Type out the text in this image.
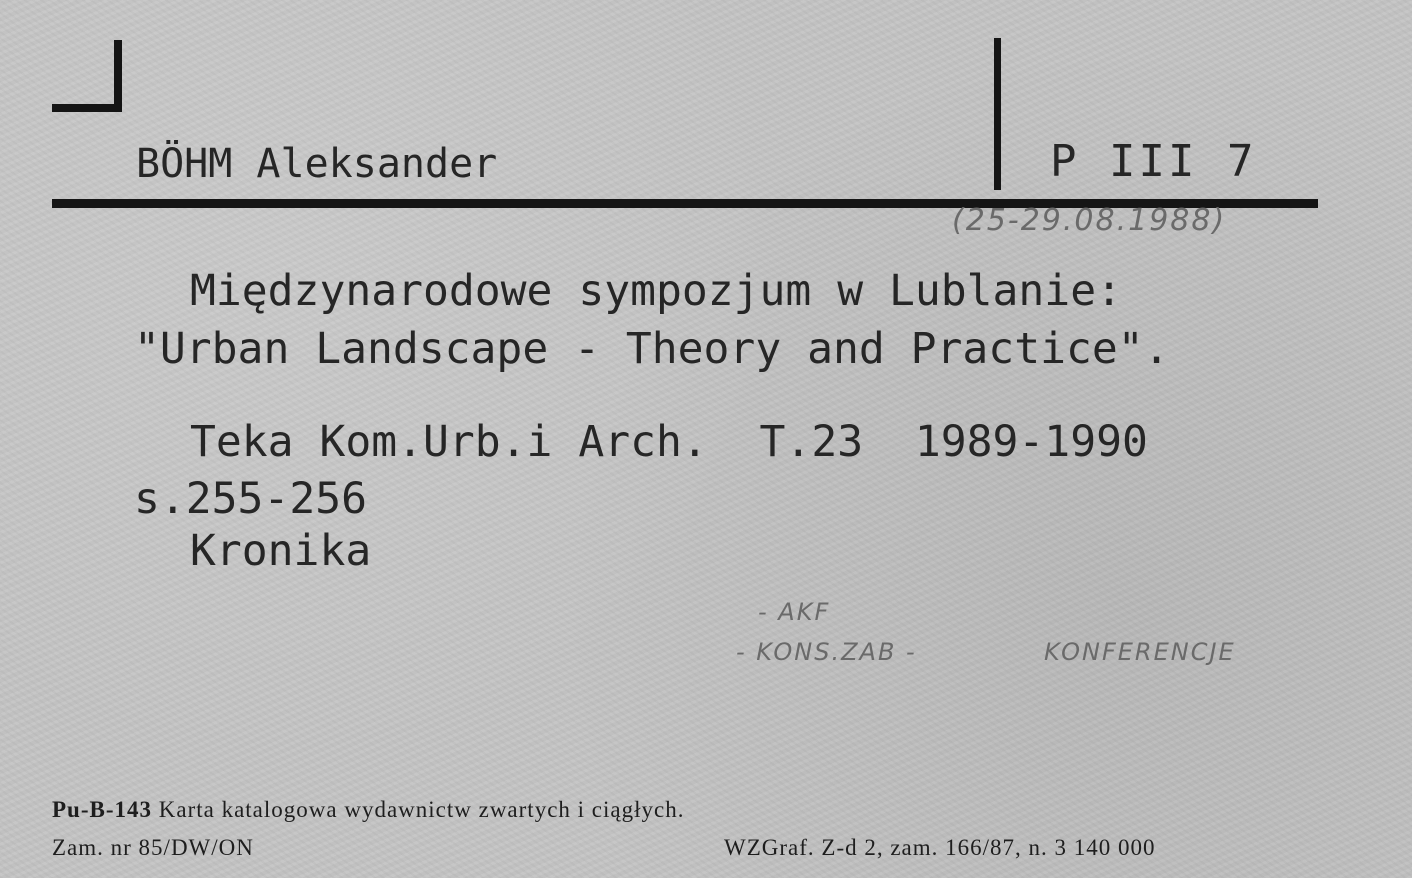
BÖHM Aleksander	P III 7
(25-29.08.1988)
Międzynarodowe sympozjum w Lublanie:
"Urban Landscape - Theory and Practice".
Teka Kom.Urb.i Arch.  T.23  1989-1990
s.255-256
Kronika
- AKF
- KONS.ZAB -	KONFERENCJE
Pu-B-143 Karta katalogowa wydawnictw zwartych i ciągłych.
Zam. nr 85/DW/ON	WZGraf. Z-d 2, zam. 166/87, n. 3 140 000
